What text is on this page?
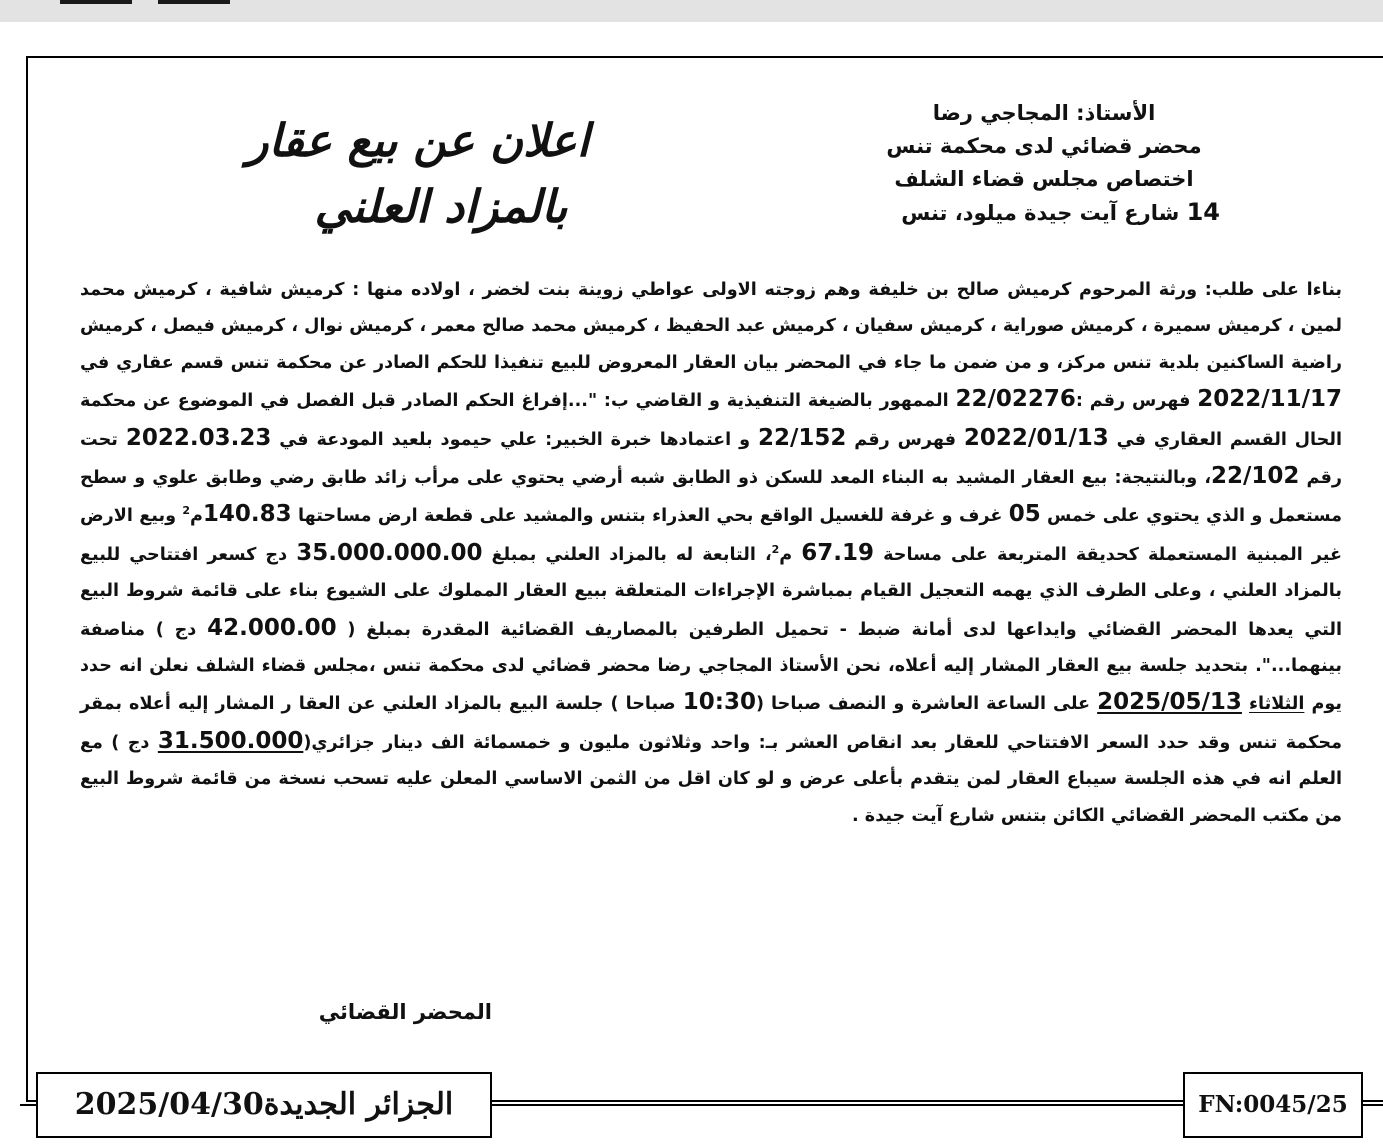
الأستاذ: المجاجي رضا
محضر قضائي لدى محكمة تنس
اختصاص مجلس قضاء الشلف
14 شارع آيت جيدة ميلود، تنس
اعلان عن بيع عقار
بالمزاد العلني
بناءا على طلب: ورثة المرحوم كرميش صالح بن خليفة وهم زوجته الاولى عواطي زوينة بنت لخضر ، اولاده منها : كرميش شافية ، كرميش محمد لمين ، كرميش سميرة ، كرميش صوراية ، كرميش سفيان ، كرميش عبد الحفيظ ، كرميش محمد صالح معمر ، كرميش نوال ، كرميش فيصل ، كرميش راضية الساكنين بلدية تنس مركز، و من ضمن ما جاء في المحضر بيان العقار المعروض للبيع تنفيذا للحكم الصادر عن محكمة تنس قسم عقاري في 2022/11/17 فهرس رقم :22/02276 الممهور بالضيغة التنفيذية و القاضي ب: "...إفراغ الحكم الصادر قبل الفصل في الموضوع عن محكمة الحال القسم العقاري في 2022/01/13 فهرس رقم 22/152 و اعتمادها خبرة الخبير: علي حيمود بلعيد المودعة في 2022.03.23 تحت رقم 22/102، وبالنتيجة: بيع العقار المشيد به البناء المعد للسكن ذو الطابق شبه أرضي يحتوي على مرأب زائد طابق رضي وطابق علوي و سطح مستعمل و الذي يحتوي على خمس 05 غرف و غرفة للغسيل الواقع بحي العذراء بتنس والمشيد على قطعة ارض مساحتها 140.83م$^2$ وبيع الارض غير المبنية المستعملة كحديقة المتربعة على مساحة 67.19 م$^2$، التابعة له بالمزاد العلني بمبلغ 35.000.000.00 دج كسعر افتتاحي للبيع بالمزاد العلني ، وعلى الطرف الذي يهمه التعجيل القيام بمباشرة الإجراءات المتعلقة ببيع العقار المملوك على الشيوع بناء على قائمة شروط البيع التي يعدها المحضر القضائي وايداعها لدى أمانة ضبط - تحميل الطرفين بالمصاريف القضائية المقدرة بمبلغ ( 42.000.00 دج ) مناصفة بينهما...". بتحديد جلسة بيع العقار المشار إليه أعلاه، نحن الأستاذ المجاجي رضا محضر قضائي لدى محكمة تنس ،مجلس قضاء الشلف نعلن انه حدد يوم الثلاثاء 2025/05/13 على الساعة العاشرة و النصف صباحا (10:30 صباحا ) جلسة البيع بالمزاد العلني عن العقا ر المشار إليه أعلاه بمقر محكمة تنس وقد حدد السعر الافتتاحي للعقار بعد انقاص العشر بـ: واحد وثلاثون مليون و خمسمائة الف دينار جزائري(31.500.000 دج ) مع العلم انه في هذه الجلسة سيباع العقار لمن يتقدم بأعلى عرض و لو كان اقل من الثمن الاساسي المعلن عليه تسحب نسخة من قائمة شروط البيع من مكتب المحضر القضائي الكائن بتنس شارع آيت جيدة .
المحضر القضائي
الجزائر الجديدة2025/04/30	FN:0045/25
